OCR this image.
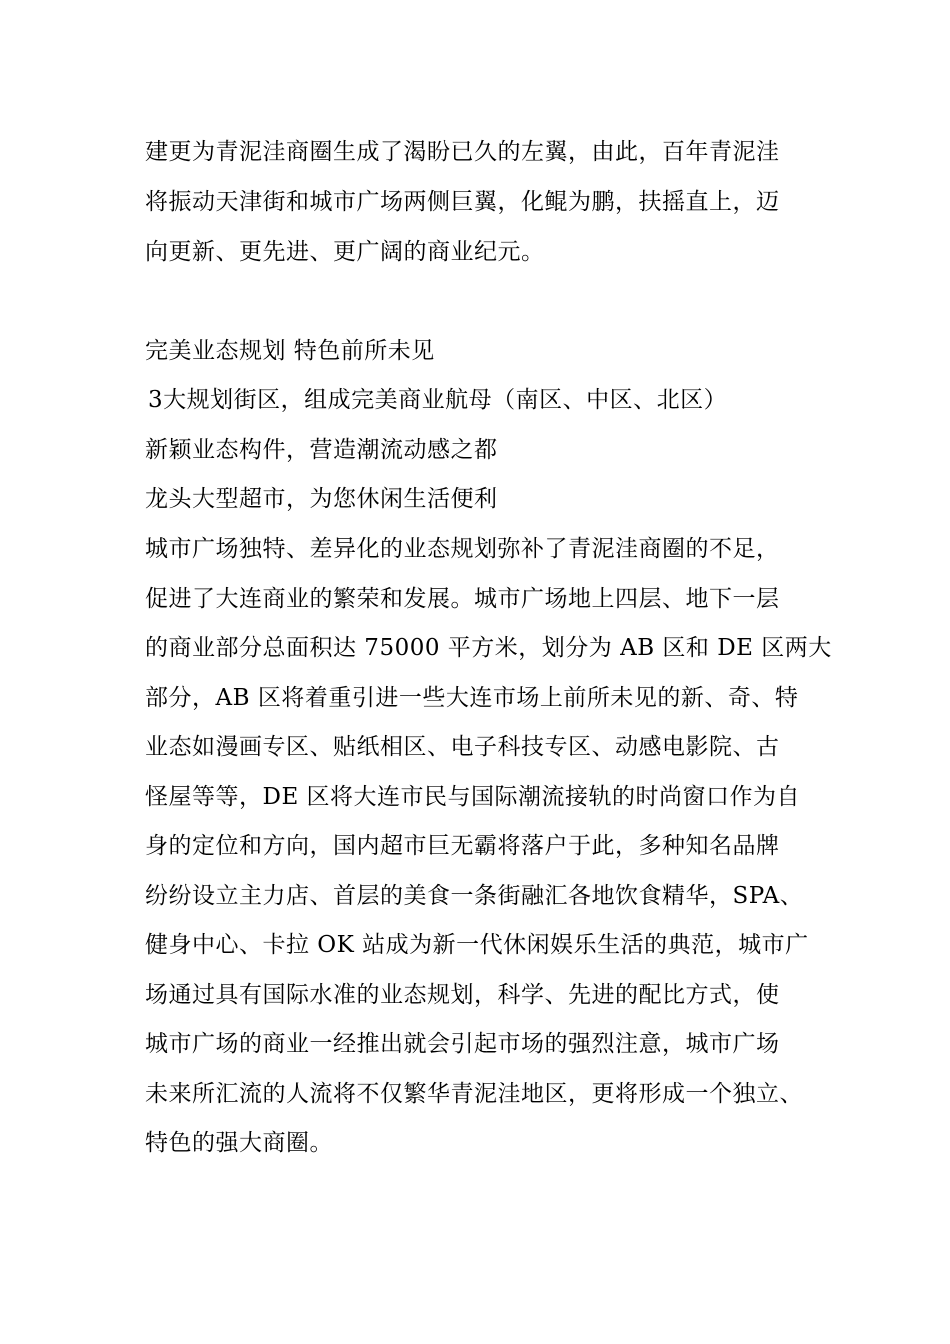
建更为青泥洼商圈生成了渴盼已久的左翼，由此，百年青泥洼
将振动天津街和城市广场两侧巨翼，化鲲为鹏，扶摇直上，迈
向更新、更先进、更广阔的商业纪元。
完美业态规划 特色前所未见
3大规划街区，组成完美商业航母（南区、中区、北区）
新颖业态构件，营造潮流动感之都
龙头大型超市，为您休闲生活便利
城市广场独特、差异化的业态规划弥补了青泥洼商圈的不足，
促进了大连商业的繁荣和发展。城市广场地上四层、地下一层
的商业部分总面积达 75000 平方米，划分为 AB 区和 DE 区两大
部分，AB 区将着重引进一些大连市场上前所未见的新、奇、特
业态如漫画专区、贴纸相区、电子科技专区、动感电影院、古
怪屋等等，DE 区将大连市民与国际潮流接轨的时尚窗口作为自
身的定位和方向，国内超市巨无霸将落户于此，多种知名品牌
纷纷设立主力店、首层的美食一条街融汇各地饮食精华，SPA、
健身中心、卡拉 OK 站成为新一代休闲娱乐生活的典范，城市广
场通过具有国际水准的业态规划，科学、先进的配比方式，使
城市广场的商业一经推出就会引起市场的强烈注意，城市广场
未来所汇流的人流将不仅繁华青泥洼地区，更将形成一个独立、
特色的强大商圈。
